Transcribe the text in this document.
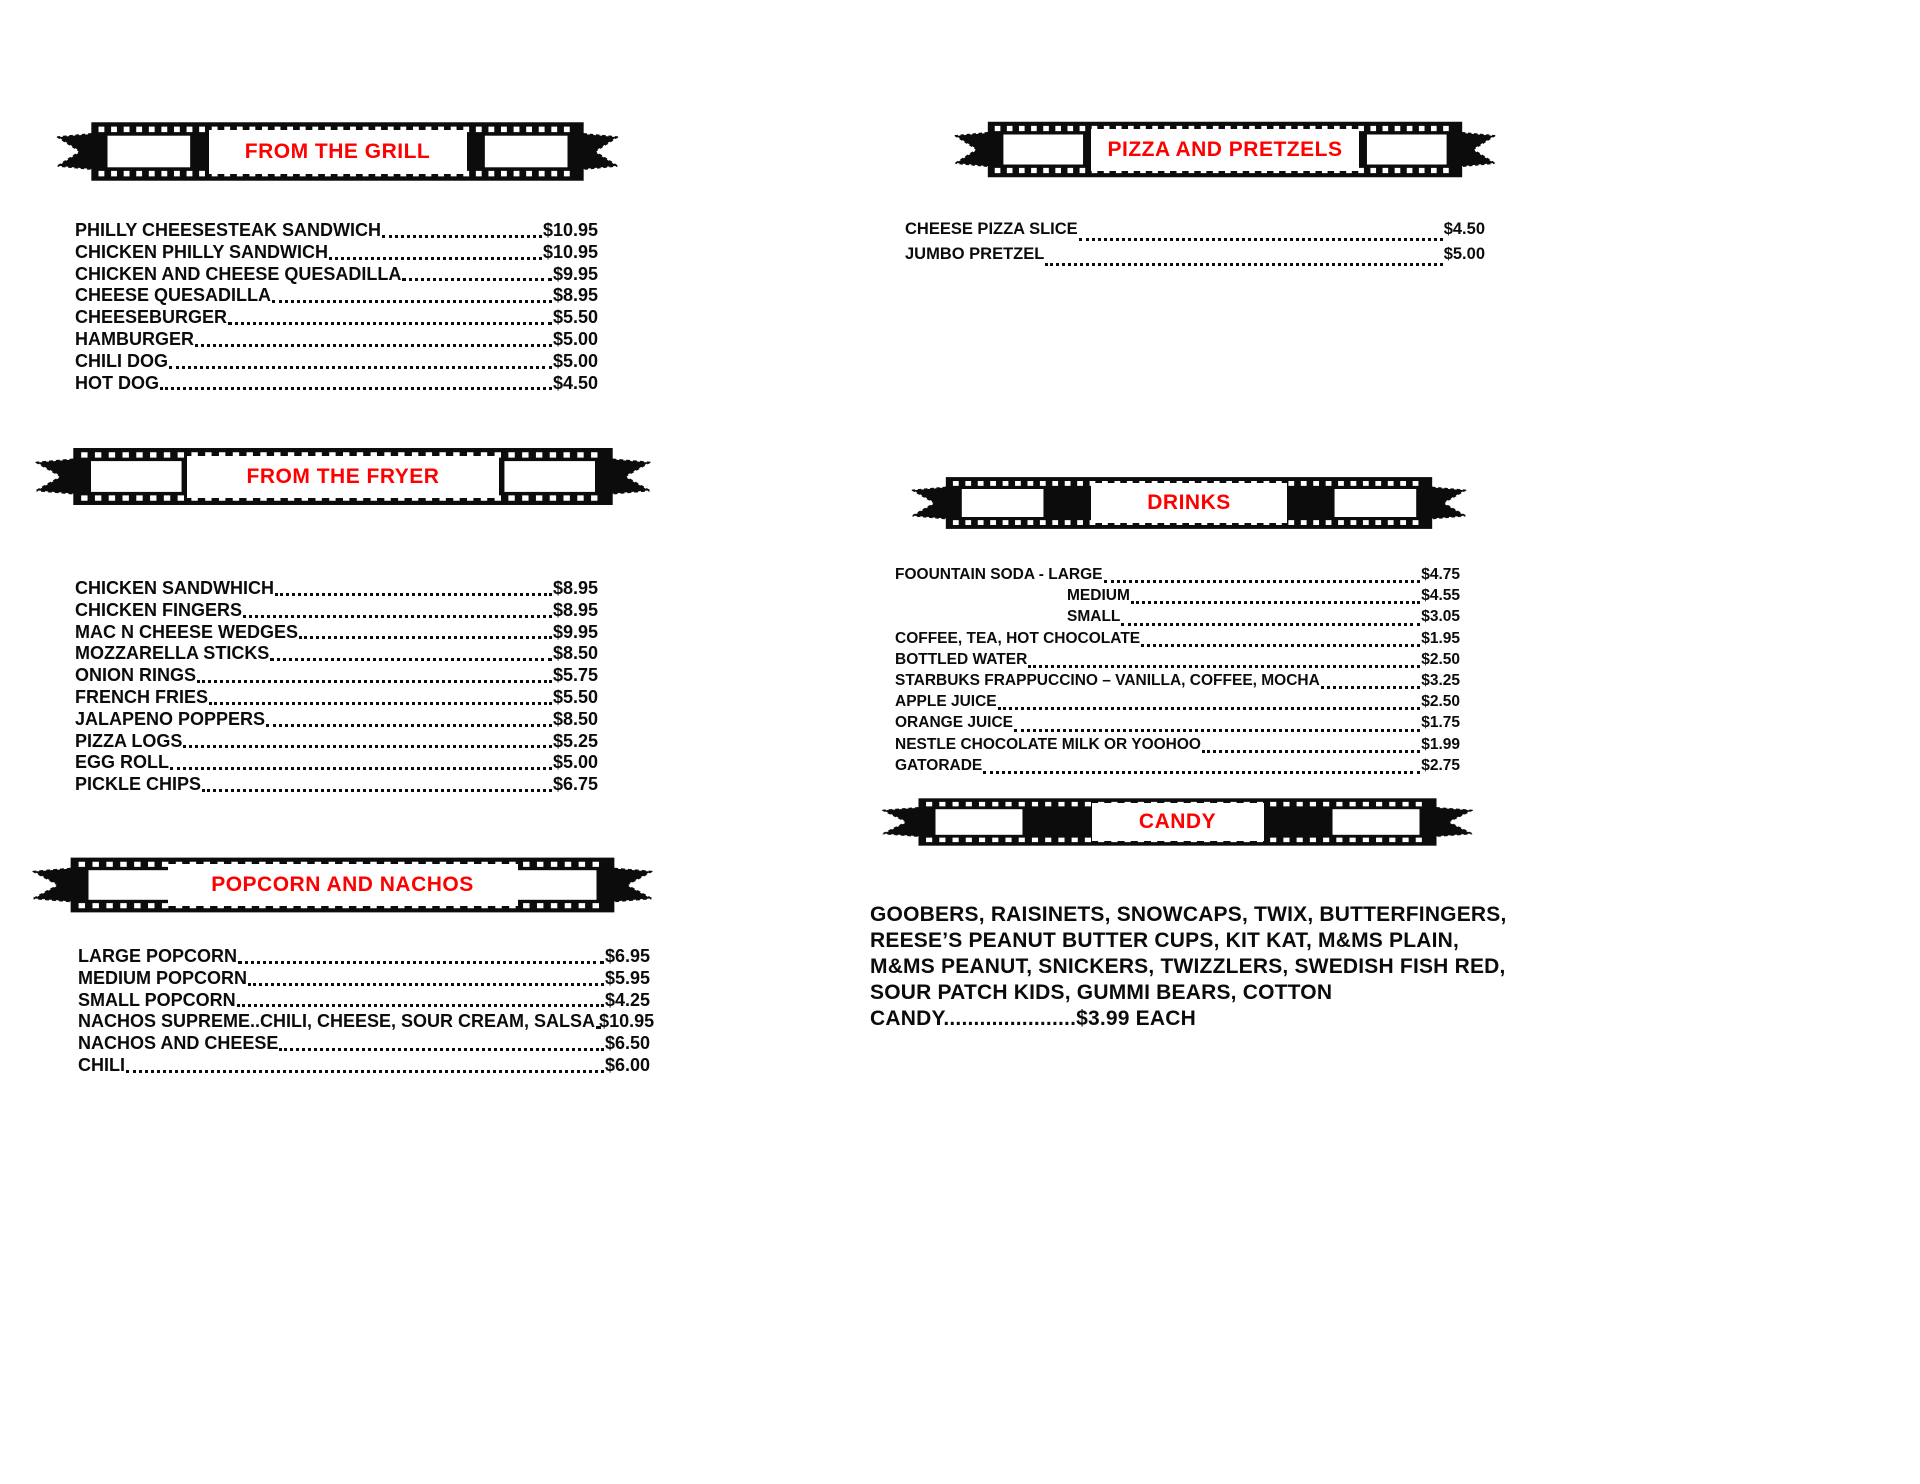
FROM THE GRILL
PHILLY CHEESESTEAK SANDWICH	$10.95
CHICKEN PHILLY SANDWICH	$10.95
CHICKEN AND CHEESE QUESADILLA	$9.95
CHEESE QUESADILLA	$8.95
CHEESEBURGER	$5.50
HAMBURGER	$5.00
CHILI DOG	$5.00
HOT DOG	$4.50
FROM THE FRYER
CHICKEN SANDWHICH	$8.95
CHICKEN FINGERS	$8.95
MAC N CHEESE WEDGES	$9.95
MOZZARELLA STICKS	$8.50
ONION RINGS	$5.75
FRENCH FRIES	$5.50
JALAPENO POPPERS	$8.50
PIZZA LOGS	$5.25
EGG ROLL	$5.00
PICKLE CHIPS	$6.75
POPCORN AND NACHOS
LARGE POPCORN	$6.95
MEDIUM POPCORN	$5.95
SMALL POPCORN	$4.25
NACHOS SUPREME..CHILI, CHEESE, SOUR CREAM, SALSA $10.95
NACHOS AND CHEESE	$6.50
CHILI	$6.00
PIZZA AND PRETZELS
CHEESE PIZZA SLICE	$4.50
JUMBO PRETZEL	$5.00
DRINKS
FOOUNTAIN SODA - LARGE	$4.75
MEDIUM	$4.55
SMALL	$3.05
COFFEE, TEA, HOT CHOCOLATE	$1.95
BOTTLED WATER	$2.50
STARBUKS FRAPPUCCINO – VANILLA, COFFEE, MOCHA	$3.25
APPLE JUICE	$2.50
ORANGE JUICE	$1.75
NESTLE CHOCOLATE MILK OR YOOHOO	$1.99
GATORADE	$2.75
CANDY
GOOBERS, RAISINETS, SNOWCAPS, TWIX, BUTTERFINGERS, REESE’S PEANUT BUTTER CUPS, KIT KAT, M&MS PLAIN, M&MS PEANUT, SNICKERS, TWIZZLERS, SWEDISH FISH RED, SOUR PATCH KIDS, GUMMI BEARS, COTTON CANDY......................$3.99 EACH
